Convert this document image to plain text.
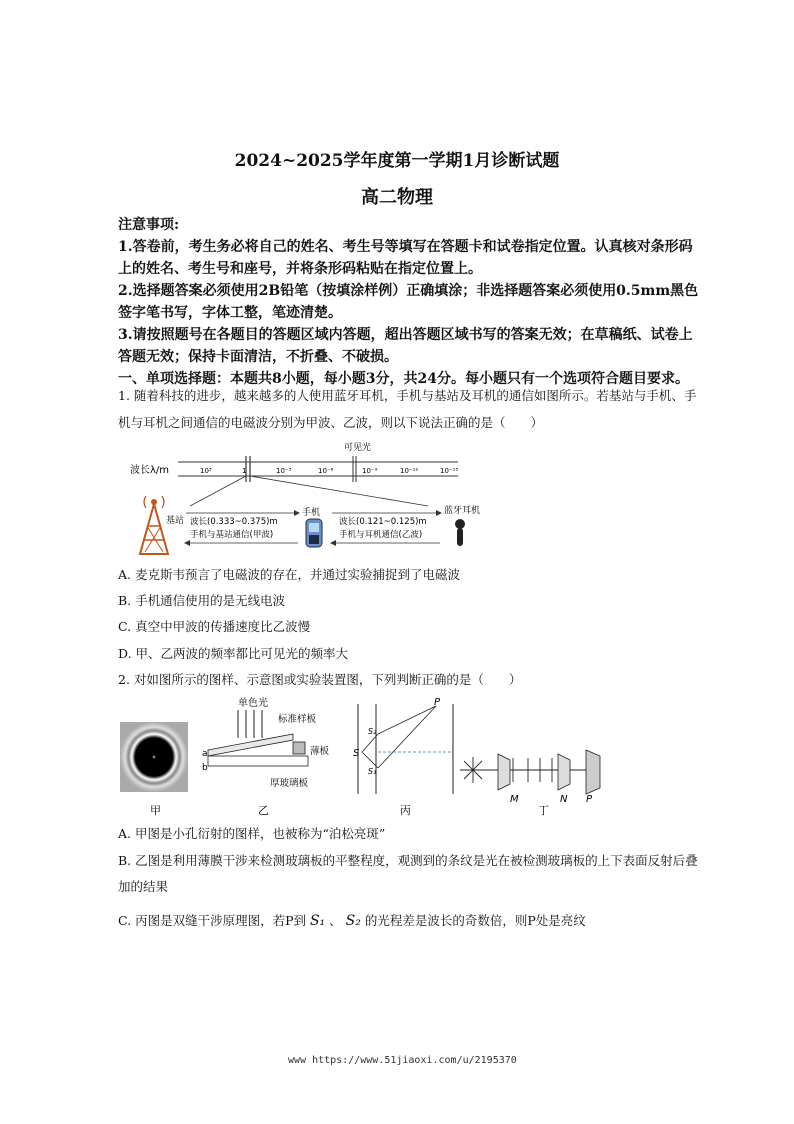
2024~2025学年度第一学期1月诊断试题
高二物理
注意事项:
1.答卷前，考生务必将自己的姓名、考生号等填写在答题卡和试卷指定位置。认真核对条形码
上的姓名、考生号和座号，并将条形码粘贴在指定位置上。
2.选择题答案必须使用2B铅笔（按填涂样例）正确填涂；非选择题答案必须使用0.5mm黑色
签字笔书写，字体工整，笔迹清楚。
3.请按照题号在各题目的答题区域内答题，超出答题区域书写的答案无效；在草稿纸、试卷上
答题无效；保持卡面清洁，不折叠、不破损。
一、单项选择题：本题共8小题，每小题3分，共24分。每小题只有一个选项符合题目要求。
1. 随着科技的进步，越来越多的人使用蓝牙耳机，手机与基站及耳机的通信如图所示。若基站与手机、手
机与耳机之间通信的电磁波分别为甲波、乙波，则以下说法正确的是（　　）
可见光
波长λ/m	10³	1	10⁻³	10⁻⁶	10⁻⁹	10⁻¹²	10⁻¹⁵
基站 波长(0.333~0.375)m
手机与基站通信(甲波)
手机
波长(0.121~0.125)m
手机与耳机通信(乙波)
蓝牙耳机
A. 麦克斯韦预言了电磁波的存在，并通过实验捕捉到了电磁波
B. 手机通信使用的是无线电波
C. 真空中甲波的传播速度比乙波慢
D. 甲、乙两波的频率都比可见光的频率大
2. 对如图所示的图样、示意图或实验装置图，下列判断正确的是（　　）
甲
单色光
标准样板
薄板
厚玻璃板
a
b
乙
P
S
S₂
S₁
丙
M	N P
丁
A. 甲图是小孔衍射的图样，也被称为“泊松亮斑”
B. 乙图是利用薄膜干涉来检测玻璃板的平整程度，观测到的条纹是光在被检测玻璃板的上下表面反射后叠
加的结果
C. 丙图是双缝干涉原理图，若P到 S₁ 、 S₂ 的光程差是波长的奇数倍，则P处是亮纹
www https://www.51jiaoxi.com/u/2195370
